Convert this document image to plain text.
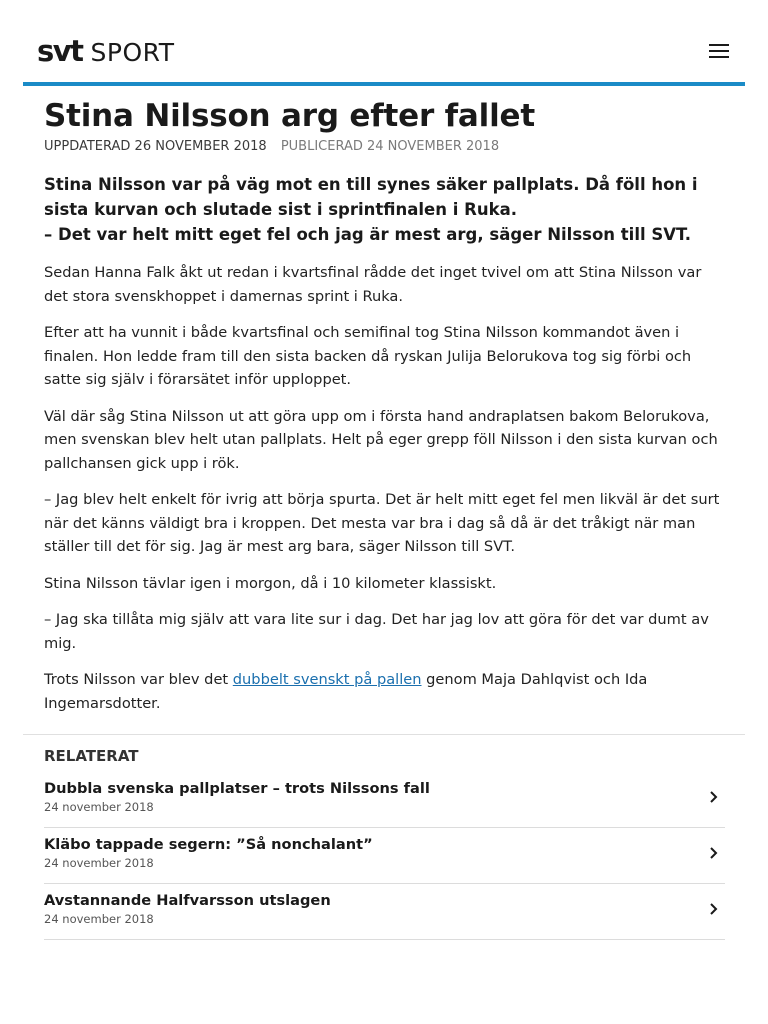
svt SPORT
Stina Nilsson arg efter fallet
UPPDATERAD 26 NOVEMBER 2018 PUBLICERAD 24 NOVEMBER 2018

Stina Nilsson var på väg mot en till synes säker pallplats. Då föll hon i sista kurvan och slutade sist i sprintfinalen i Ruka.

– Det var helt mitt eget fel och jag är mest arg, säger Nilsson till SVT.

Sedan Hanna Falk åkt ut redan i kvartsfinal rådde det inget tvivel om att Stina Nilsson var det stora svenskhoppet i damernas sprint i Ruka.

Efter att ha vunnit i både kvartsfinal och semifinal tog Stina Nilsson kommandot även i finalen. Hon ledde fram till den sista backen då ryskan Julija Belorukova tog sig förbi och satte sig själv i förarsätet inför upploppet.

Väl där såg Stina Nilsson ut att göra upp om i första hand andraplatsen bakom Belorukova, men svenskan blev helt utan pallplats. Helt på eger grepp föll Nilsson i den sista kurvan och pallchansen gick upp i rök.

– Jag blev helt enkelt för ivrig att börja spurta. Det är helt mitt eget fel men likväl är det surt när det känns väldigt bra i kroppen. Det mesta var bra i dag så då är det tråkigt när man ställer till det för sig. Jag är mest arg bara, säger Nilsson till SVT.

Stina Nilsson tävlar igen i morgon, då i 10 kilometer klassiskt.

– Jag ska tillåta mig själv att vara lite sur i dag. Det har jag lov att göra för det var dumt av mig.

Trots Nilsson var blev det dubbelt svenskt på pallen genom Maja Dahlqvist och Ida Ingemarsdotter.

RELATERAT
Dubbla svenska pallplatser – trots Nilssons fall
24 november 2018
Kläbo tappade segern: ”Så nonchalant”
24 november 2018
Avstannande Halfvarsson utslagen
24 november 2018
